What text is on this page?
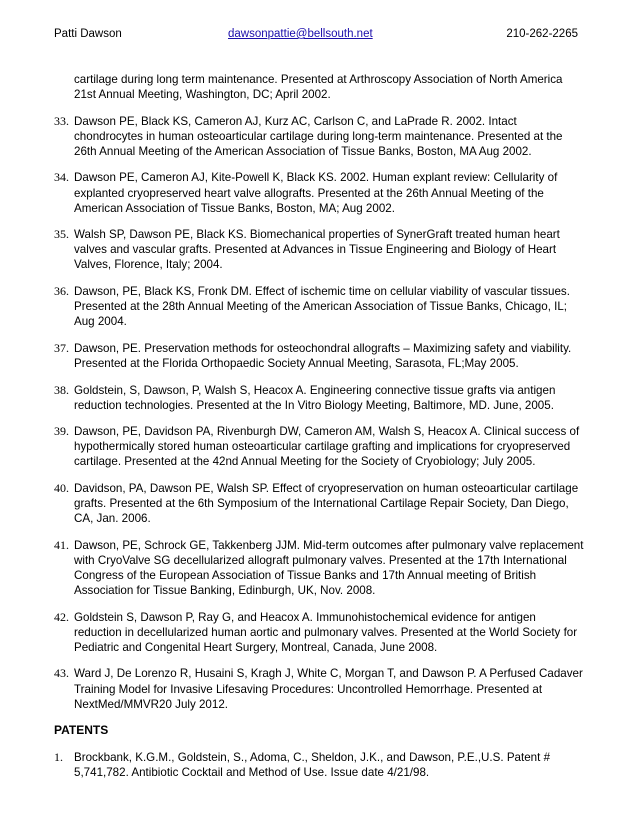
Patti Dawson	dawsonpattie@bellsouth.net	210-262-2265
cartilage during long term maintenance. Presented at Arthroscopy Association of North America 21st Annual Meeting, Washington, DC; April 2002.
33. Dawson PE, Black KS, Cameron AJ, Kurz AC, Carlson C, and LaPrade R. 2002. Intact chondrocytes in human osteoarticular cartilage during long-term maintenance. Presented at the 26th Annual Meeting of the American Association of Tissue Banks, Boston, MA Aug 2002.
34. Dawson PE, Cameron AJ, Kite-Powell K, Black KS. 2002. Human explant review: Cellularity of explanted cryopreserved heart valve allografts. Presented at the 26th Annual Meeting of the American Association of Tissue Banks, Boston, MA; Aug 2002.
35. Walsh SP, Dawson PE, Black KS. Biomechanical properties of SynerGraft treated human heart valves and vascular grafts. Presented at Advances in Tissue Engineering and Biology of Heart Valves, Florence, Italy; 2004.
36. Dawson, PE, Black KS, Fronk DM. Effect of ischemic time on cellular viability of vascular tissues. Presented at the 28th Annual Meeting of the American Association of Tissue Banks, Chicago, IL; Aug 2004.
37. Dawson, PE. Preservation methods for osteochondral allografts – Maximizing safety and viability. Presented at the Florida Orthopaedic Society Annual Meeting, Sarasota, FL;May 2005.
38. Goldstein, S, Dawson, P, Walsh S, Heacox A. Engineering connective tissue grafts via antigen reduction technologies. Presented at the In Vitro Biology Meeting, Baltimore, MD. June, 2005.
39. Dawson, PE, Davidson PA, Rivenburgh DW, Cameron AM, Walsh S, Heacox A. Clinical success of hypothermically stored human osteoarticular cartilage grafting and implications for cryopreserved cartilage. Presented at the 42nd Annual Meeting for the Society of Cryobiology; July 2005.
40. Davidson, PA, Dawson PE, Walsh SP. Effect of cryopreservation on human osteoarticular cartilage grafts. Presented at the 6th Symposium of the International Cartilage Repair Society, Dan Diego, CA, Jan. 2006.
41. Dawson, PE, Schrock GE, Takkenberg JJM. Mid-term outcomes after pulmonary valve replacement with CryoValve SG decellularized allograft pulmonary valves. Presented at the 17th International Congress of the European Association of Tissue Banks and 17th Annual meeting of British Association for Tissue Banking, Edinburgh, UK, Nov. 2008.
42. Goldstein S, Dawson P, Ray G, and Heacox A. Immunohistochemical evidence for antigen reduction in decellularized human aortic and pulmonary valves. Presented at the World Society for Pediatric and Congenital Heart Surgery, Montreal, Canada, June 2008.
43. Ward J, De Lorenzo R, Husaini S, Kragh J, White C, Morgan T, and Dawson P. A Perfused Cadaver Training Model for Invasive Lifesaving Procedures: Uncontrolled Hemorrhage. Presented at NextMed/MMVR20 July 2012.
PATENTS
1. Brockbank, K.G.M., Goldstein, S., Adoma, C., Sheldon, J.K., and Dawson, P.E.,U.S. Patent # 5,741,782. Antibiotic Cocktail and Method of Use. Issue date 4/21/98.
